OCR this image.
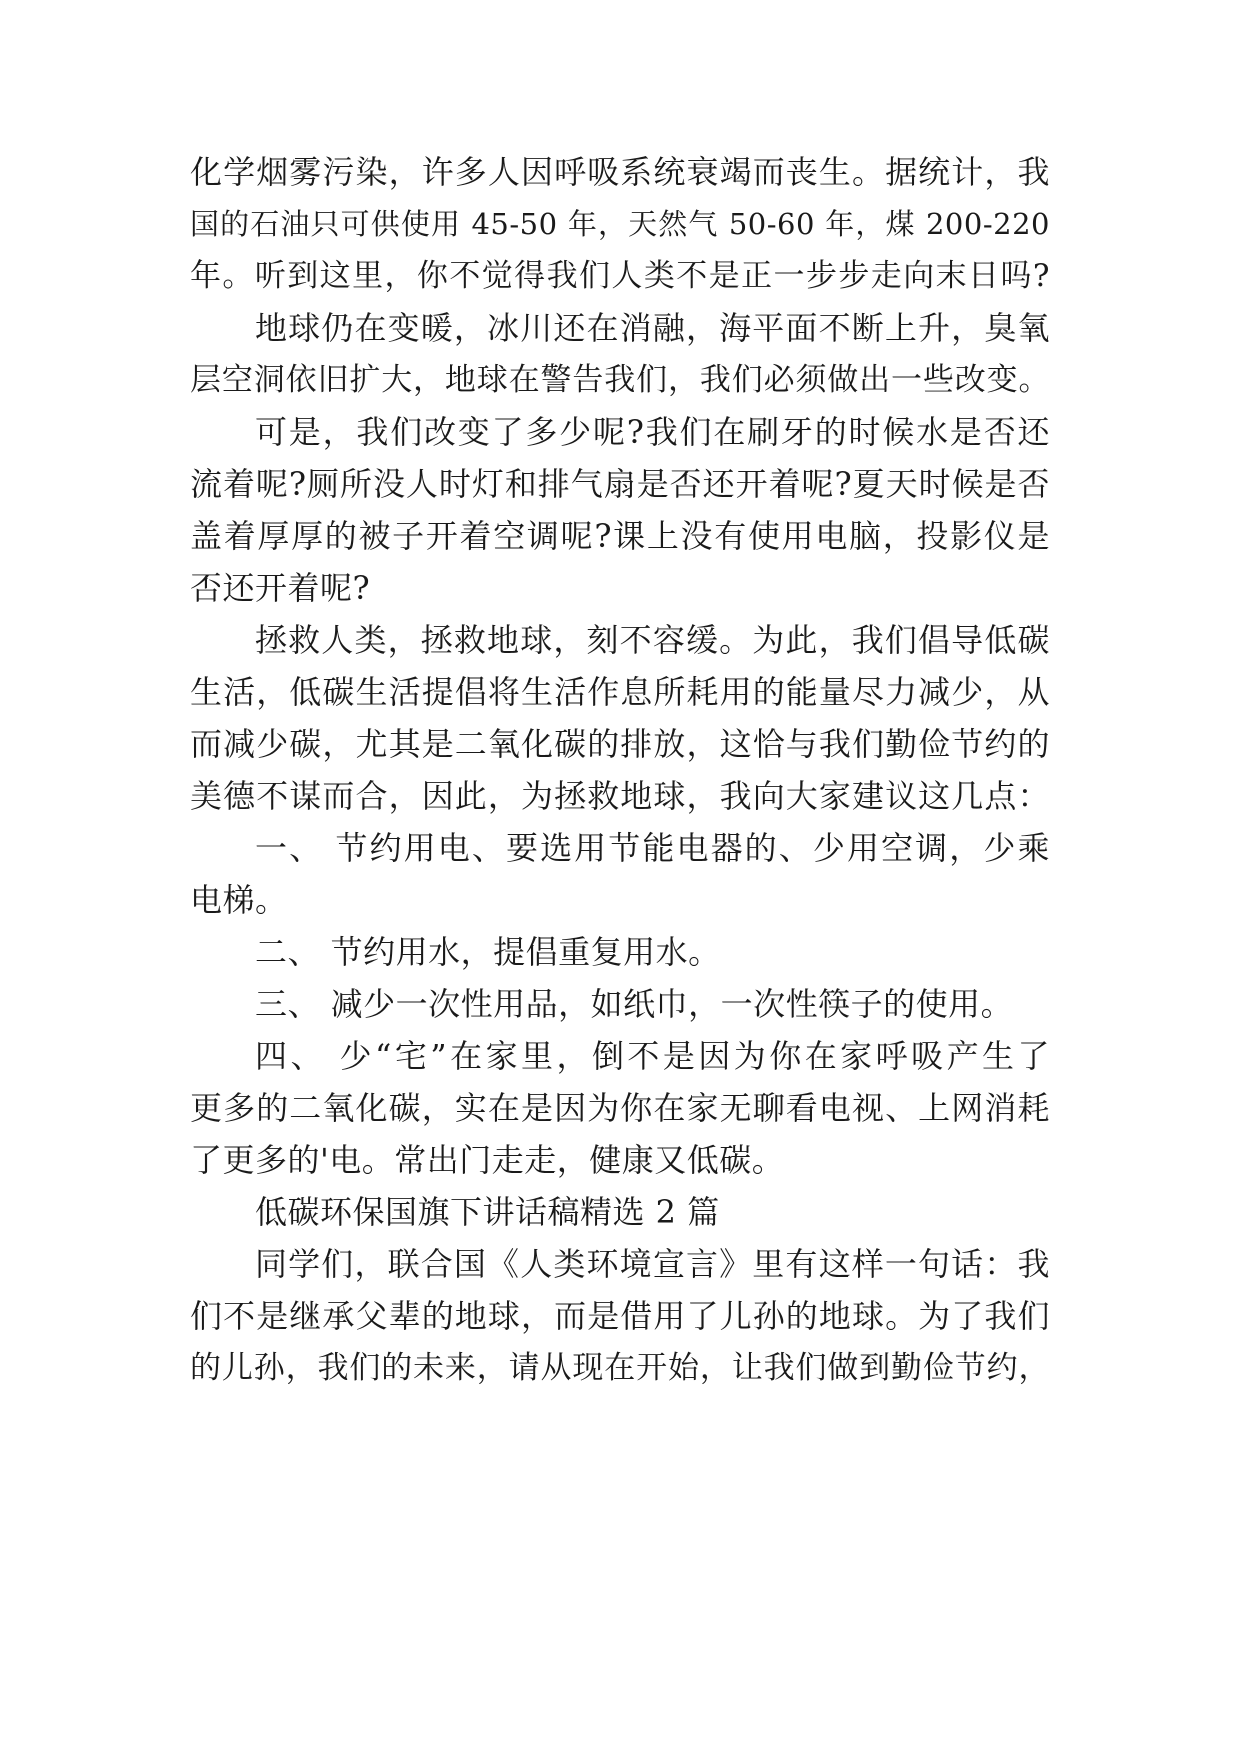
化学烟雾污染，许多人因呼吸系统衰竭而丧生。据统计，我
国的石油只可供使用 45-50 年，天然气 50-60 年，煤 200-220
年。听到这里，你不觉得我们人类不是正一步步走向末日吗?
地球仍在变暖，冰川还在消融，海平面不断上升，臭氧
层空洞依旧扩大，地球在警告我们，我们必须做出一些改变。
可是，我们改变了多少呢?我们在刷牙的时候水是否还
流着呢?厕所没人时灯和排气扇是否还开着呢?夏天时候是否
盖着厚厚的被子开着空调呢?课上没有使用电脑，投影仪是
否还开着呢?
拯救人类，拯救地球，刻不容缓。为此，我们倡导低碳
生活，低碳生活提倡将生活作息所耗用的能量尽力减少，从
而减少碳，尤其是二氧化碳的排放，这恰与我们勤俭节约的
美德不谋而合，因此，为拯救地球，我向大家建议这几点：
一、 节约用电、要选用节能电器的、少用空调，少乘
电梯。
二、 节约用水，提倡重复用水。
三、 减少一次性用品，如纸巾，一次性筷子的使用。
四、 少“宅”在家里，倒不是因为你在家呼吸产生了
更多的二氧化碳，实在是因为你在家无聊看电视、上网消耗
了更多的'电。常出门走走，健康又低碳。
低碳环保国旗下讲话稿精选 2 篇
同学们，联合国《人类环境宣言》里有这样一句话：我
们不是继承父辈的地球，而是借用了儿孙的地球。为了我们
的儿孙，我们的未来，请从现在开始，让我们做到勤俭节约，
